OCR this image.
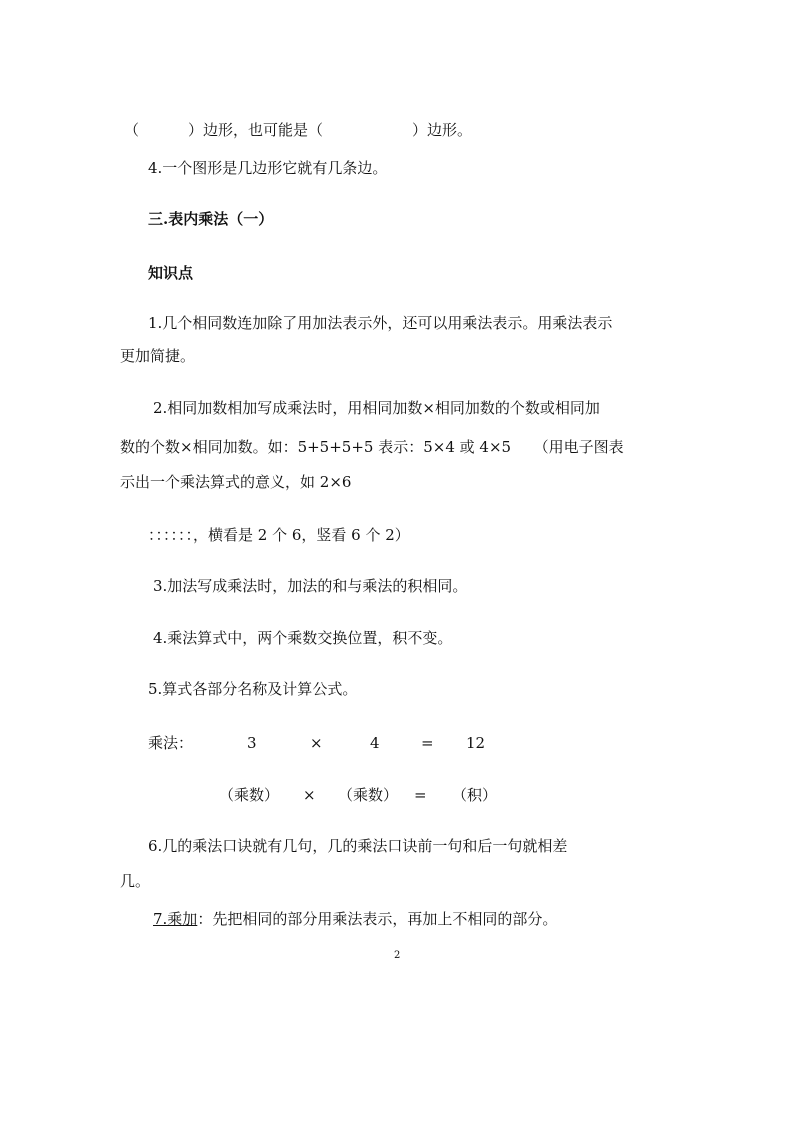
（	）边形，也可能是（	）边形。
4.一个图形是几边形它就有几条边。
三.表内乘法（一）
知识点
1.几个相同数连加除了用加法表示外，还可以用乘法表示。用乘法表示
更加简捷。
2.相同加数相加写成乘法时，用相同加数×相同加数的个数或相同加
数的个数×相同加数。如：5+5+5+5 表示：5×4 或 4×5　　（用电子图表
示出一个乘法算式的意义，如 2×6
：：：：：：，横看是 2 个 6，竖看 6 个 2）
3.加法写成乘法时，加法的和与乘法的积相同。
4.乘法算式中，两个乘数交换位置，积不变。
5.算式各部分名称及计算公式。
乘法：	3	×	4	= 12
（乘数） × （乘数） = （积）
6.几的乘法口诀就有几句，几的乘法口诀前一句和后一句就相差
几。
7.乘加：先把相同的部分用乘法表示，再加上不相同的部分。
2
